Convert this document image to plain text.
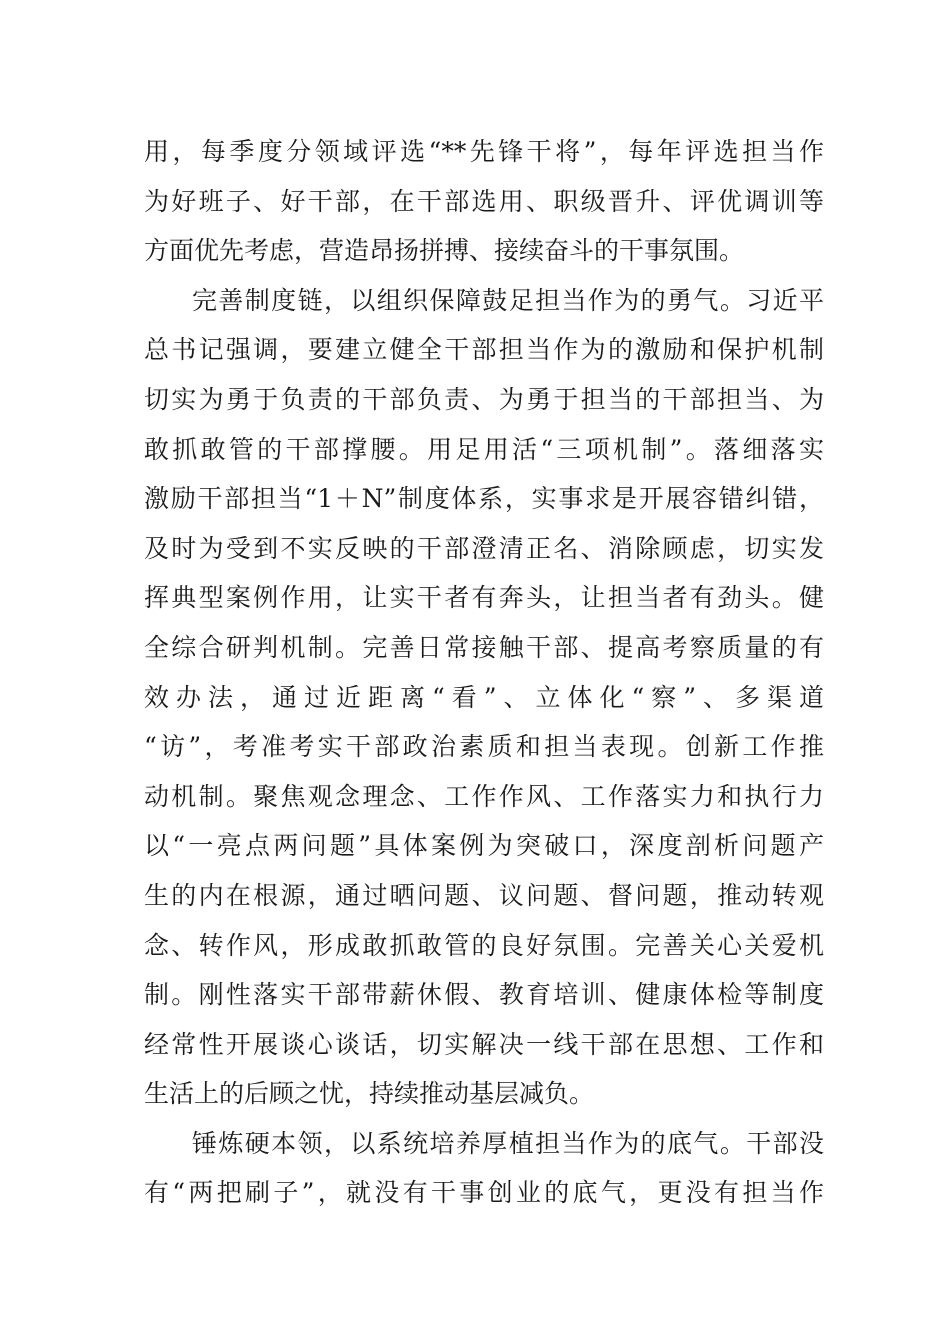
用，每季度分领域评选“**先锋干将”，每年评选担当作
为好班子、好干部，在干部选用、职级晋升、评优调训等
方面优先考虑，营造昂扬拼搏、接续奋斗的干事氛围。
完善制度链，以组织保障鼓足担当作为的勇气。习近平
总书记强调，要建立健全干部担当作为的激励和保护机制
切实为勇于负责的干部负责、为勇于担当的干部担当、为
敢抓敢管的干部撑腰。用足用活“三项机制”。落细落实
激励干部担当“1＋N”制度体系，实事求是开展容错纠错，
及时为受到不实反映的干部澄清正名、消除顾虑，切实发
挥典型案例作用，让实干者有奔头，让担当者有劲头。健
全综合研判机制。完善日常接触干部、提高考察质量的有
效办法，通过近距离“看”、立体化“察”、多渠道
“访”，考准考实干部政治素质和担当表现。创新工作推
动机制。聚焦观念理念、工作作风、工作落实力和执行力
以“一亮点两问题”具体案例为突破口，深度剖析问题产
生的内在根源，通过晒问题、议问题、督问题，推动转观
念、转作风，形成敢抓敢管的良好氛围。完善关心关爱机
制。刚性落实干部带薪休假、教育培训、健康体检等制度
经常性开展谈心谈话，切实解决一线干部在思想、工作和
生活上的后顾之忧，持续推动基层减负。
锤炼硬本领，以系统培养厚植担当作为的底气。干部没
有“两把刷子”，就没有干事创业的底气，更没有担当作
